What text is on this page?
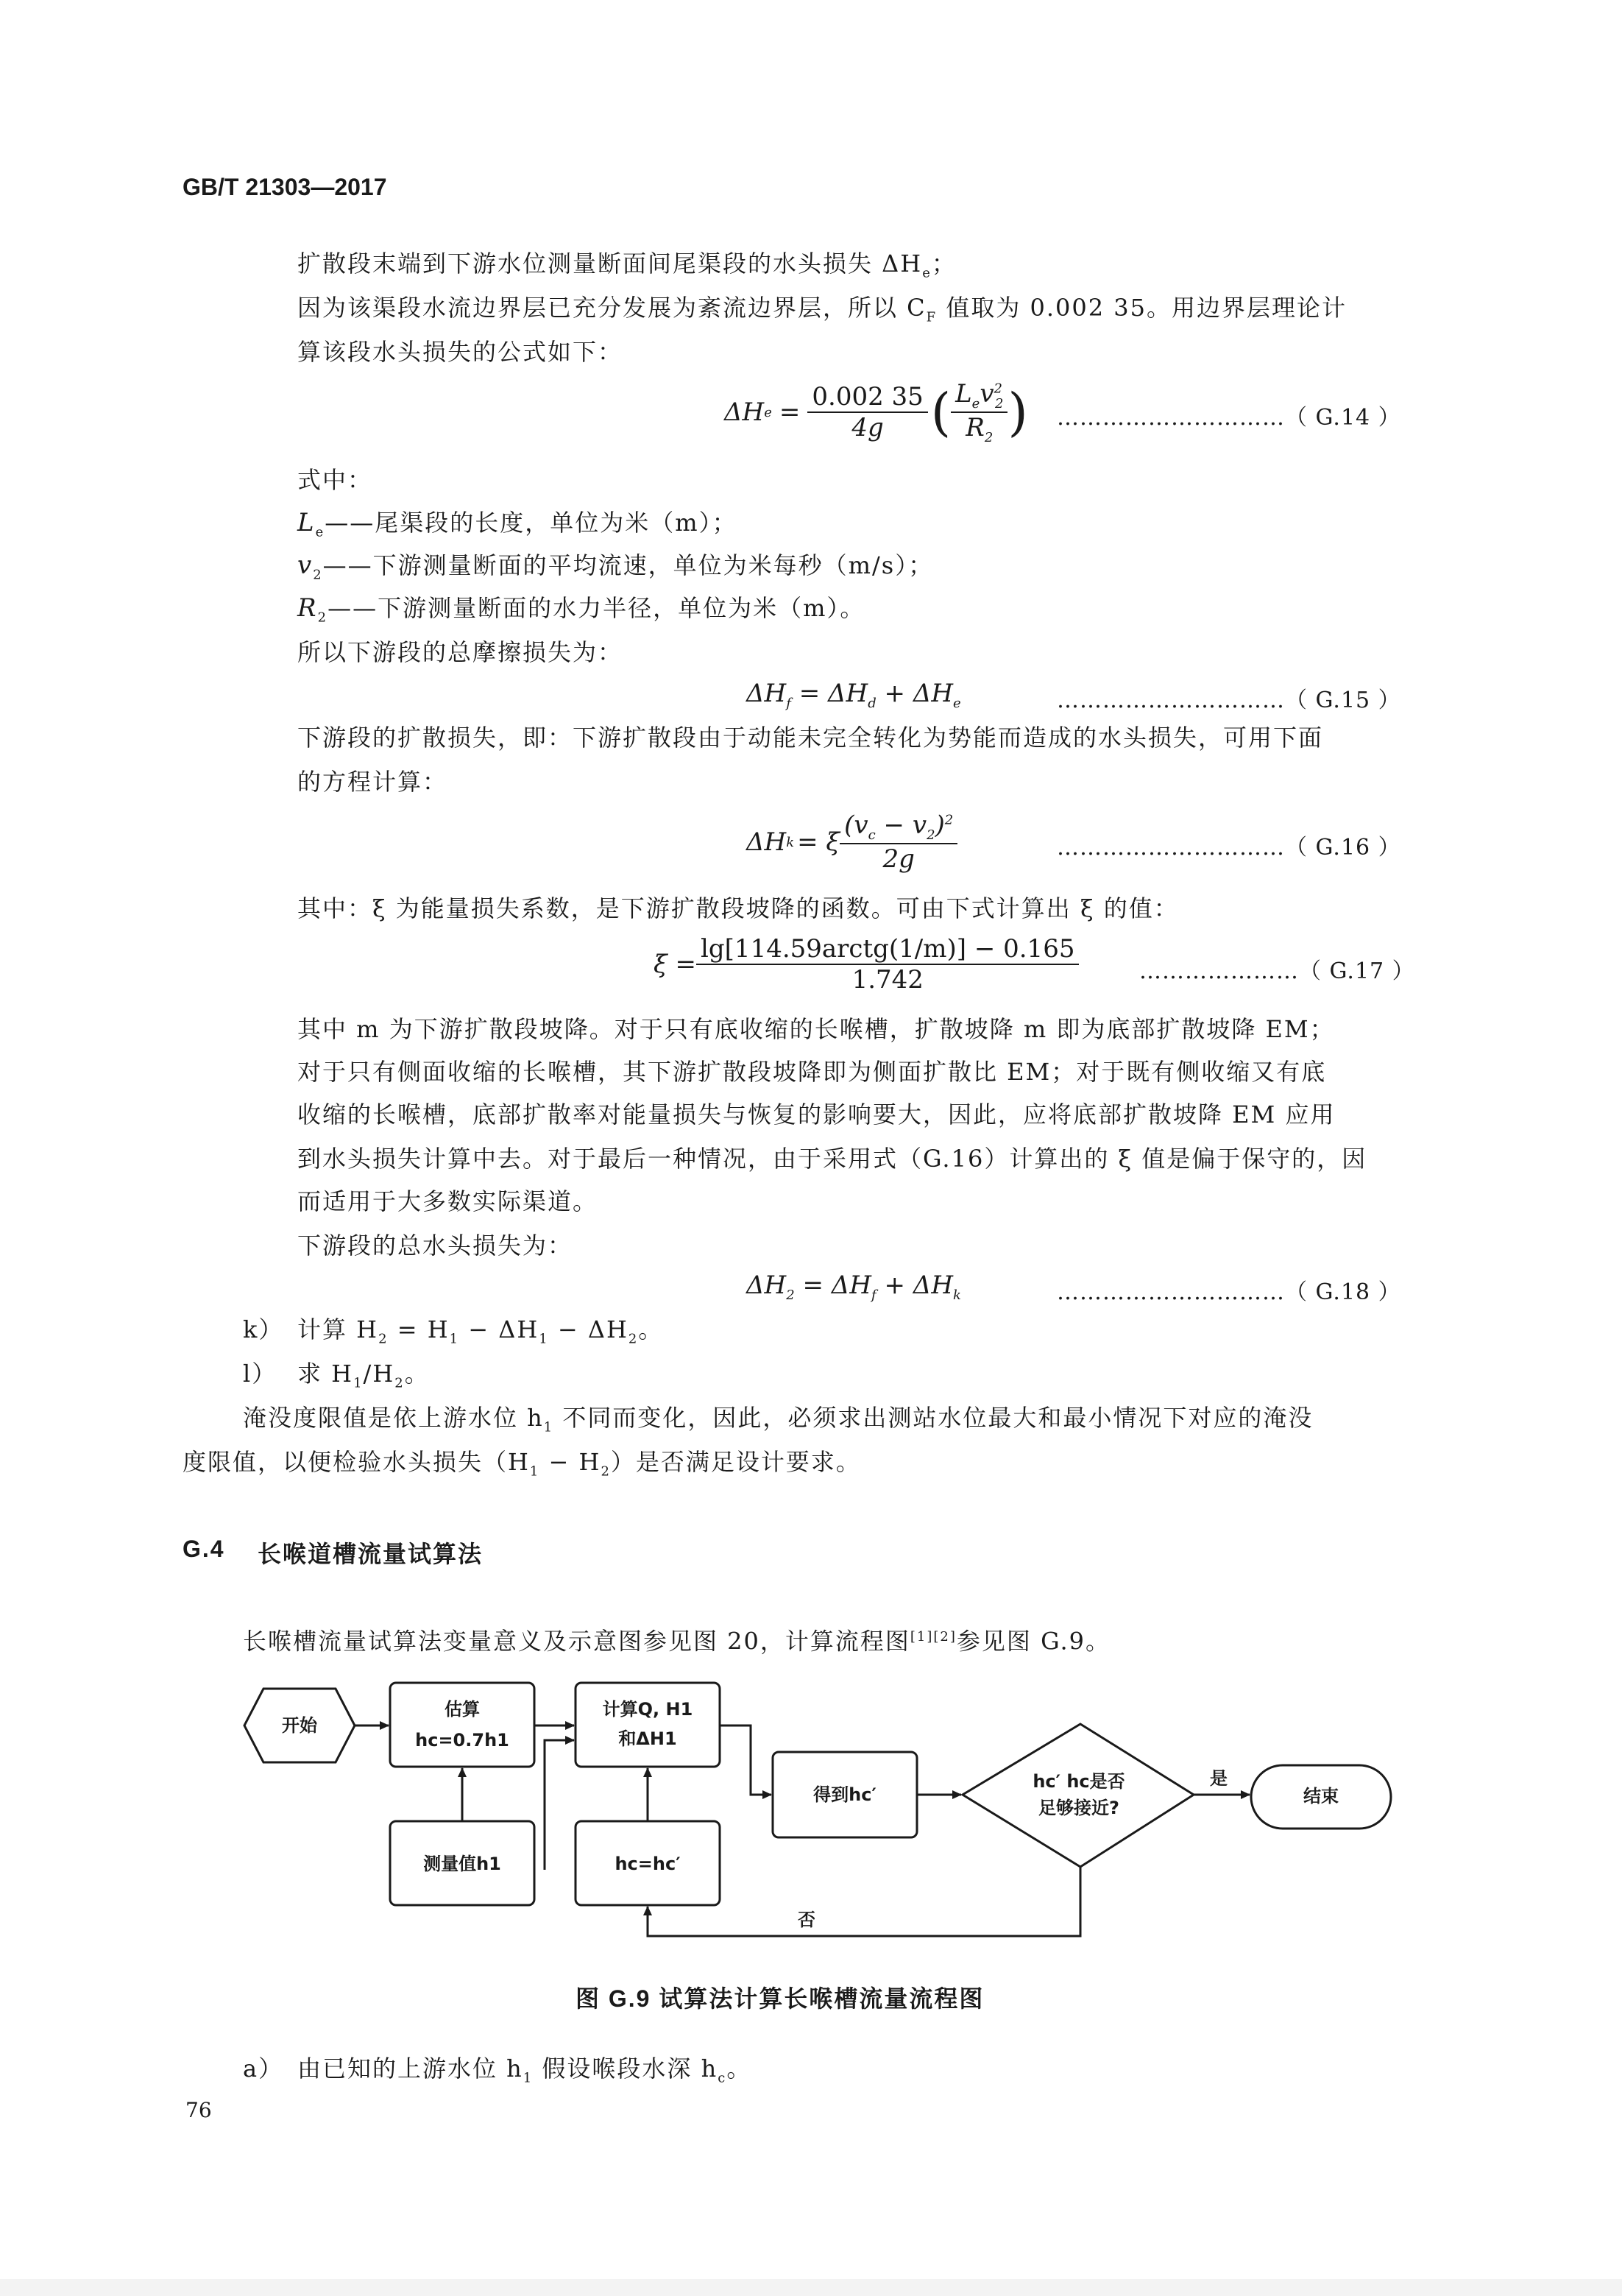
GB/T 21303—2017
扩散段末端到下游水位测量断面间尾渠段的水头损失 $\Delta H_e$；
因为该渠段水流边界层已充分发展为紊流边界层，所以 $C_F$ 值取为 0.002 35。用边界层理论计
算该段水头损失的公式如下：
ΔH $e = \frac{0.002 35}{4g}$ ( $\frac{L_ev^2_2}{R_2}$ ) …………………………（ G.14 ）
式中：
$L_e——$尾渠段的长度，单位为米（m）；
$v_2——$下游测量断面的平均流速，单位为米每秒（m/s）；
$R_2——$下游测量断面的水力半径，单位为米（m）。
所以下游段的总摩擦损失为：
$\Delta H_f = \Delta H_d + \Delta H_e$	…………………………（ G.15 ）
下游段的扩散损失，即：下游扩散段由于动能未完全转化为势能而造成的水头损失，可用下面
的方程计算：
ΔH k = ξ $\frac{(v_c - v_2)^2}{2g}$	…………………………（ G.16 ）
其中：ξ 为能量损失系数，是下游扩散段坡降的函数。可由下式计算出 ξ 的值：
$\xi = \frac{\text{lg[114.59arctg(1/m)] − 0.165}}{1.742}$	…………………（ G.17 ）
其中 m 为下游扩散段坡降。对于只有底收缩的长喉槽，扩散坡降 m 即为底部扩散坡降 EM；
对于只有侧面收缩的长喉槽，其下游扩散段坡降即为侧面扩散比 EM；对于既有侧收缩又有底
收缩的长喉槽，底部扩散率对能量损失与恢复的影响要大，因此，应将底部扩散坡降 EM 应用
到水头损失计算中去。对于最后一种情况，由于采用式（G.16）计算出的 ξ 值是偏于保守的，因
而适用于大多数实际渠道。
下游段的总水头损失为：
$\Delta H_2 = \Delta H_f + \Delta H_k$	…………………………（ G.18 ）
k） 计算 $H_2 = H_1 - \Delta H_1 - \Delta H_2$。
l） 求 $H_1/H_2$。
淹没度限值是依上游水位 $h_1$ 不同而变化，因此，必须求出测站水位最大和最小情况下对应的淹没
度限值，以便检验水头损失$(H_1 - H_2)$是否满足设计要求。
G.4 长喉道槽流量试算法
长喉槽流量试算法变量意义及示意图参见图 20，计算流程图[1][2]参见图 G.9。
开始
估算
hc=0.7h1
计算Q, H1
和ΔH1
得到hc′
hc′ hc是否
足够接近?
是
结束
测量值h1	hc=hc′
否
图 G.9 试算法计算长喉槽流量流程图
a） 由已知的上游水位 $h_1$ 假设喉段水深 $h_c$。
76
